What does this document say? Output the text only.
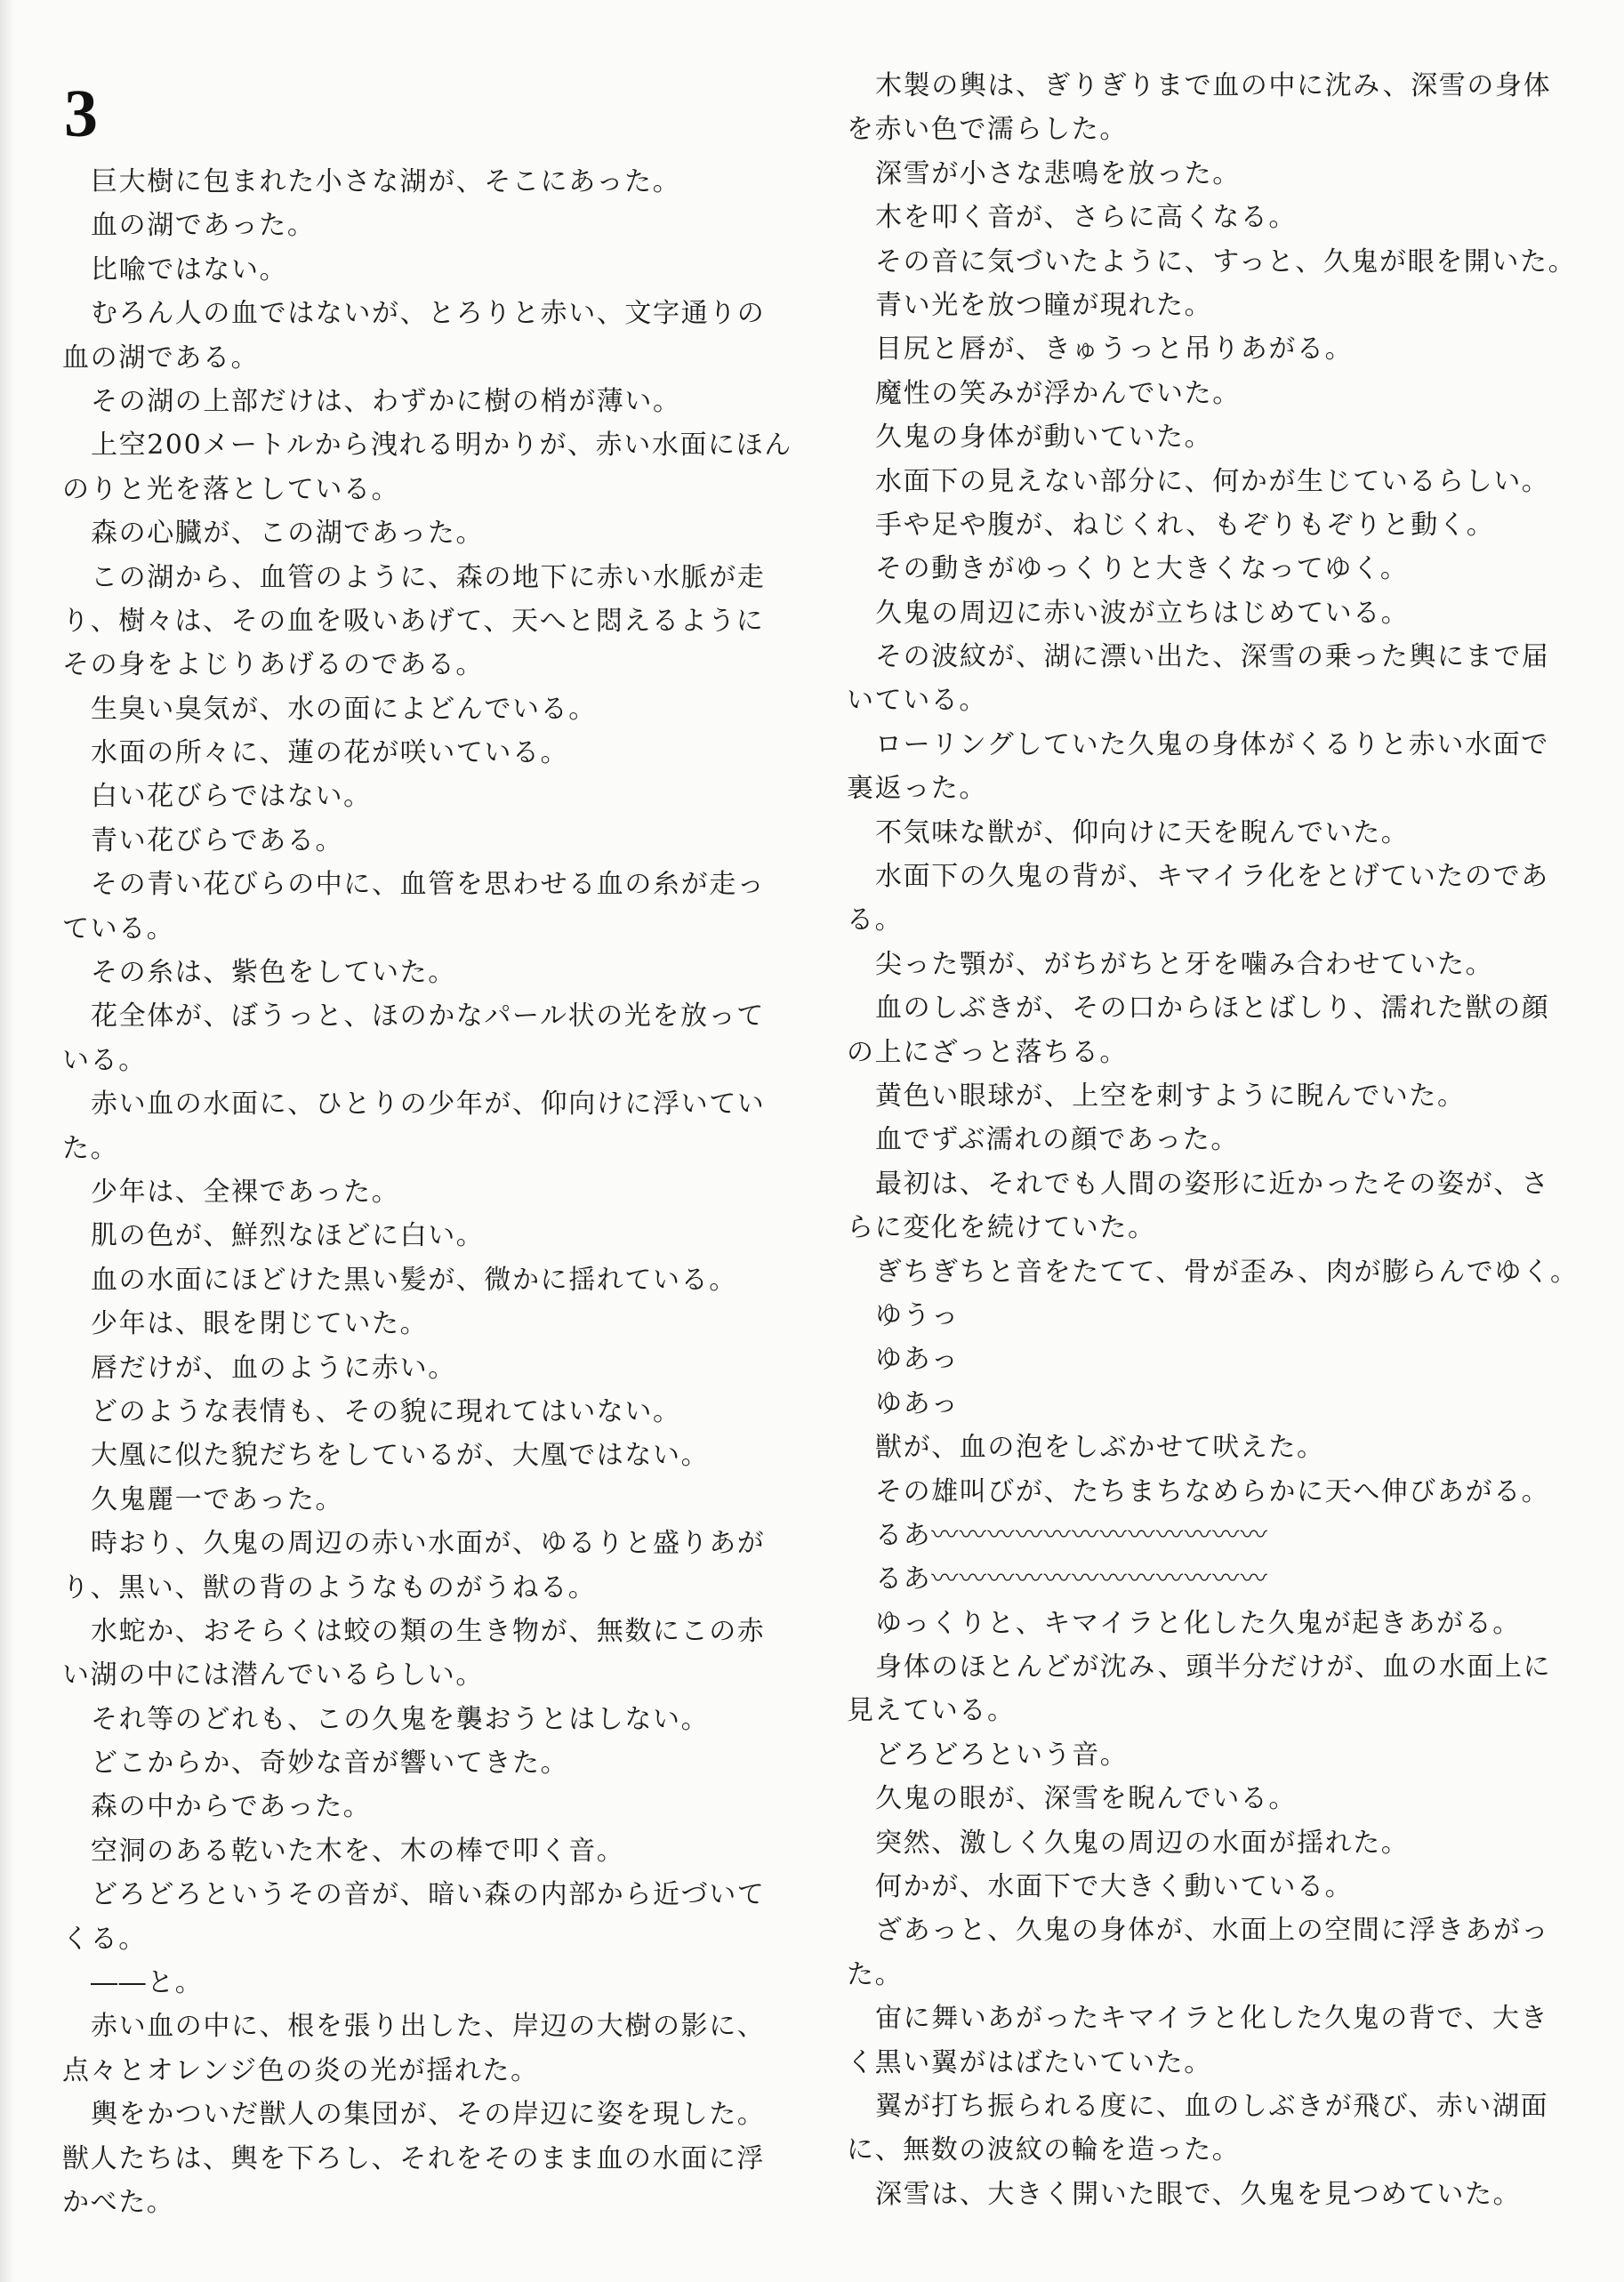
3
巨大樹に包まれた小さな湖が、そこにあった。
血の湖であった。
比喩ではない。
むろん人の血ではないが、とろりと赤い、文字通りの
血の湖である。
その湖の上部だけは、わずかに樹の梢が薄い。
上空200メートルから洩れる明かりが、赤い水面にほん
のりと光を落としている。
森の心臓が、この湖であった。
この湖から、血管のように、森の地下に赤い水脈が走
り、樹々は、その血を吸いあげて、天へと悶えるように
その身をよじりあげるのである。
生臭い臭気が、水の面によどんでいる。
水面の所々に、蓮の花が咲いている。
白い花びらではない。
青い花びらである。
その青い花びらの中に、血管を思わせる血の糸が走っ
ている。
その糸は、紫色をしていた。
花全体が、ぼうっと、ほのかなパール状の光を放って
いる。
赤い血の水面に、ひとりの少年が、仰向けに浮いてい
た。
少年は、全裸であった。
肌の色が、鮮烈なほどに白い。
血の水面にほどけた黒い髪が、微かに揺れている。
少年は、眼を閉じていた。
唇だけが、血のように赤い。
どのような表情も、その貌に現れてはいない。
大凰に似た貌だちをしているが、大凰ではない。
久鬼麗一であった。
時おり、久鬼の周辺の赤い水面が、ゆるりと盛りあが
り、黒い、獣の背のようなものがうねる。
水蛇か、おそらくは蛟の類の生き物が、無数にこの赤
い湖の中には潜んでいるらしい。
それ等のどれも、この久鬼を襲おうとはしない。
どこからか、奇妙な音が響いてきた。
森の中からであった。
空洞のある乾いた木を、木の棒で叩く音。
どろどろというその音が、暗い森の内部から近づいて
くる。
――と。
赤い血の中に、根を張り出した、岸辺の大樹の影に、
点々とオレンジ色の炎の光が揺れた。
輿をかついだ獣人の集団が、その岸辺に姿を現した。
獣人たちは、輿を下ろし、それをそのまま血の水面に浮
かべた。
木製の輿は、ぎりぎりまで血の中に沈み、深雪の身体
を赤い色で濡らした。
深雪が小さな悲鳴を放った。
木を叩く音が、さらに高くなる。
その音に気づいたように、すっと、久鬼が眼を開いた。
青い光を放つ瞳が現れた。
目尻と唇が、きゅうっと吊りあがる。
魔性の笑みが浮かんでいた。
久鬼の身体が動いていた。
水面下の見えない部分に、何かが生じているらしい。
手や足や腹が、ねじくれ、もぞりもぞりと動く。
その動きがゆっくりと大きくなってゆく。
久鬼の周辺に赤い波が立ちはじめている。
その波紋が、湖に漂い出た、深雪の乗った輿にまで届
いている。
ローリングしていた久鬼の身体がくるりと赤い水面で
裏返った。
不気味な獣が、仰向けに天を睨んでいた。
水面下の久鬼の背が、キマイラ化をとげていたのであ
る。
尖った顎が、がちがちと牙を噛み合わせていた。
血のしぶきが、その口からほとばしり、濡れた獣の顔
の上にざっと落ちる。
黄色い眼球が、上空を刺すように睨んでいた。
血でずぶ濡れの顔であった。
最初は、それでも人間の姿形に近かったその姿が、さ
らに変化を続けていた。
ぎちぎちと音をたてて、骨が歪み、肉が膨らんでゆく。
ゆうっ
ゆあっ
ゆあっ
獣が、血の泡をしぶかせて吠えた。
その雄叫びが、たちまちなめらかに天へ伸びあがる。
るあ〰〰〰〰〰〰〰〰〰〰〰〰
るあ〰〰〰〰〰〰〰〰〰〰〰〰
ゆっくりと、キマイラと化した久鬼が起きあがる。
身体のほとんどが沈み、頭半分だけが、血の水面上に
見えている。
どろどろという音。
久鬼の眼が、深雪を睨んでいる。
突然、激しく久鬼の周辺の水面が揺れた。
何かが、水面下で大きく動いている。
ざあっと、久鬼の身体が、水面上の空間に浮きあがっ
た。
宙に舞いあがったキマイラと化した久鬼の背で、大き
く黒い翼がはばたいていた。
翼が打ち振られる度に、血のしぶきが飛び、赤い湖面
に、無数の波紋の輪を造った。
深雪は、大きく開いた眼で、久鬼を見つめていた。
